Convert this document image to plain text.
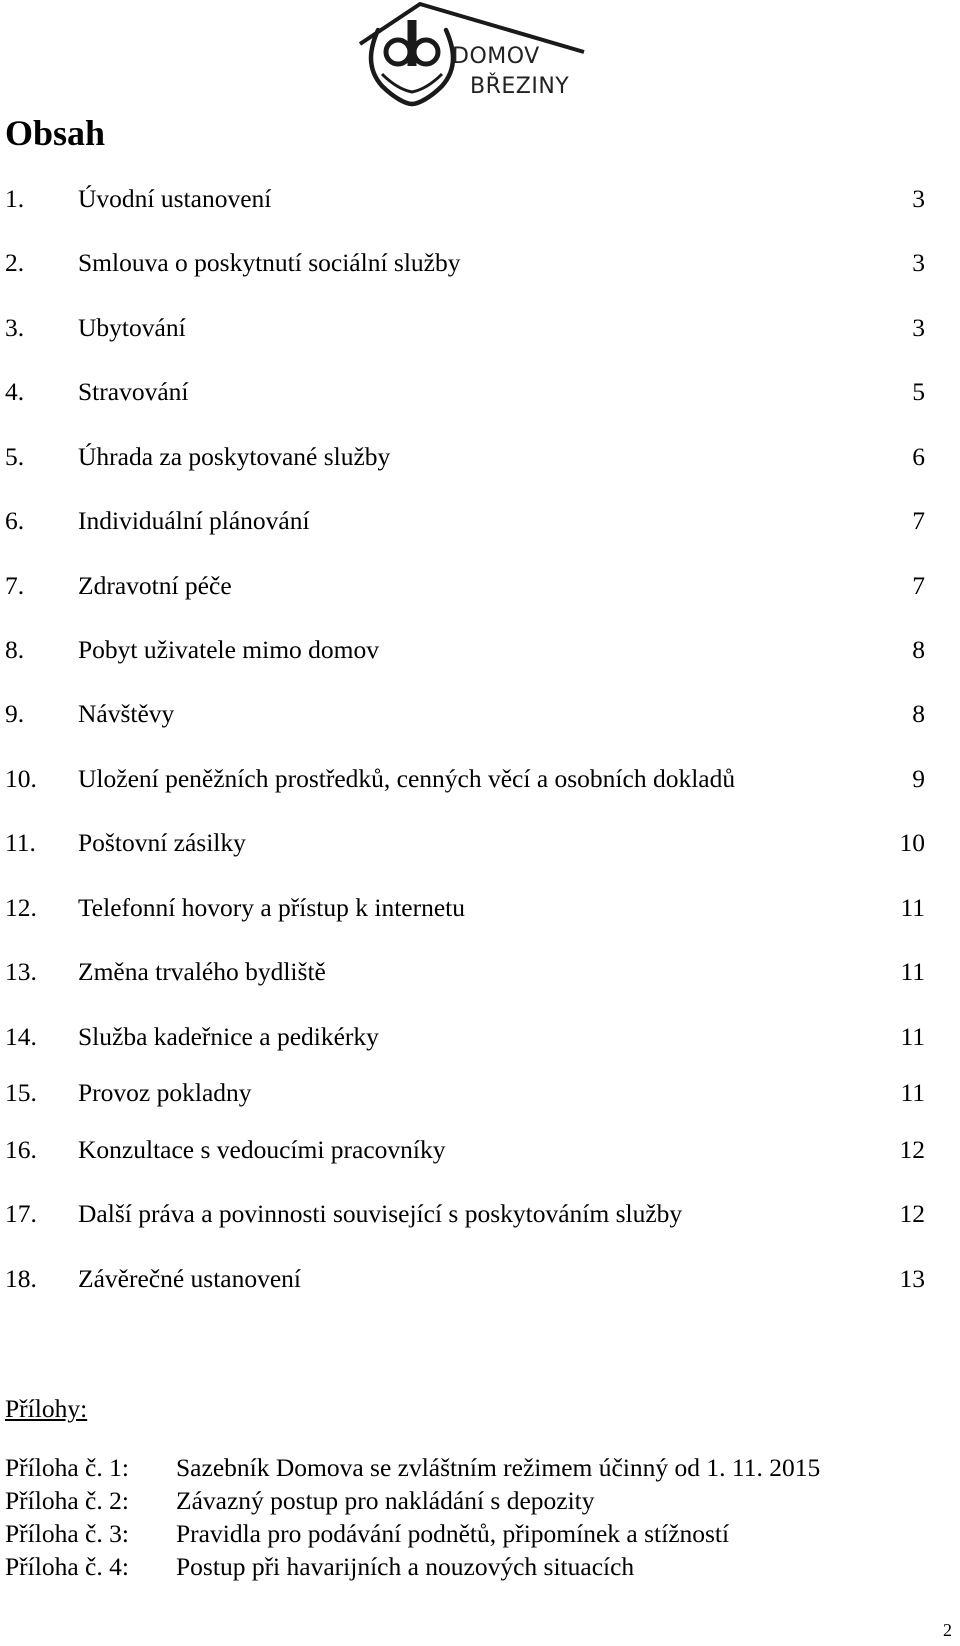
DOMOV
BŘEZINY
Obsah
1. Úvodní ustanovení	3
2. Smlouva o poskytnutí sociální služby	3
3. Ubytování	3
4. Stravování	5
5. Úhrada za poskytované služby	6
6. Individuální plánování	7
7. Zdravotní péče	7
8. Pobyt uživatele mimo domov	8
9. Návštěvy	8
10. Uložení peněžních prostředků, cenných věcí a osobních dokladů	9
11. Poštovní zásilky	10
12. Telefonní hovory a přístup k internetu	11
13. Změna trvalého bydliště	11
14. Služba kadeřnice a pedikérky	11
15. Provoz pokladny	11
16. Konzultace s vedoucími pracovníky	12
17. Další práva a povinnosti související s poskytováním služby	12
18. Závěrečné ustanovení	13
Přílohy:
Příloha č. 1: Sazebník Domova se zvláštním režimem účinný od 1. 11. 2015
Příloha č. 2: Závazný postup pro nakládání s depozity
Příloha č. 3: Pravidla pro podávání podnětů, připomínek a stížností
Příloha č. 4: Postup při havarijních a nouzových situacích
2
